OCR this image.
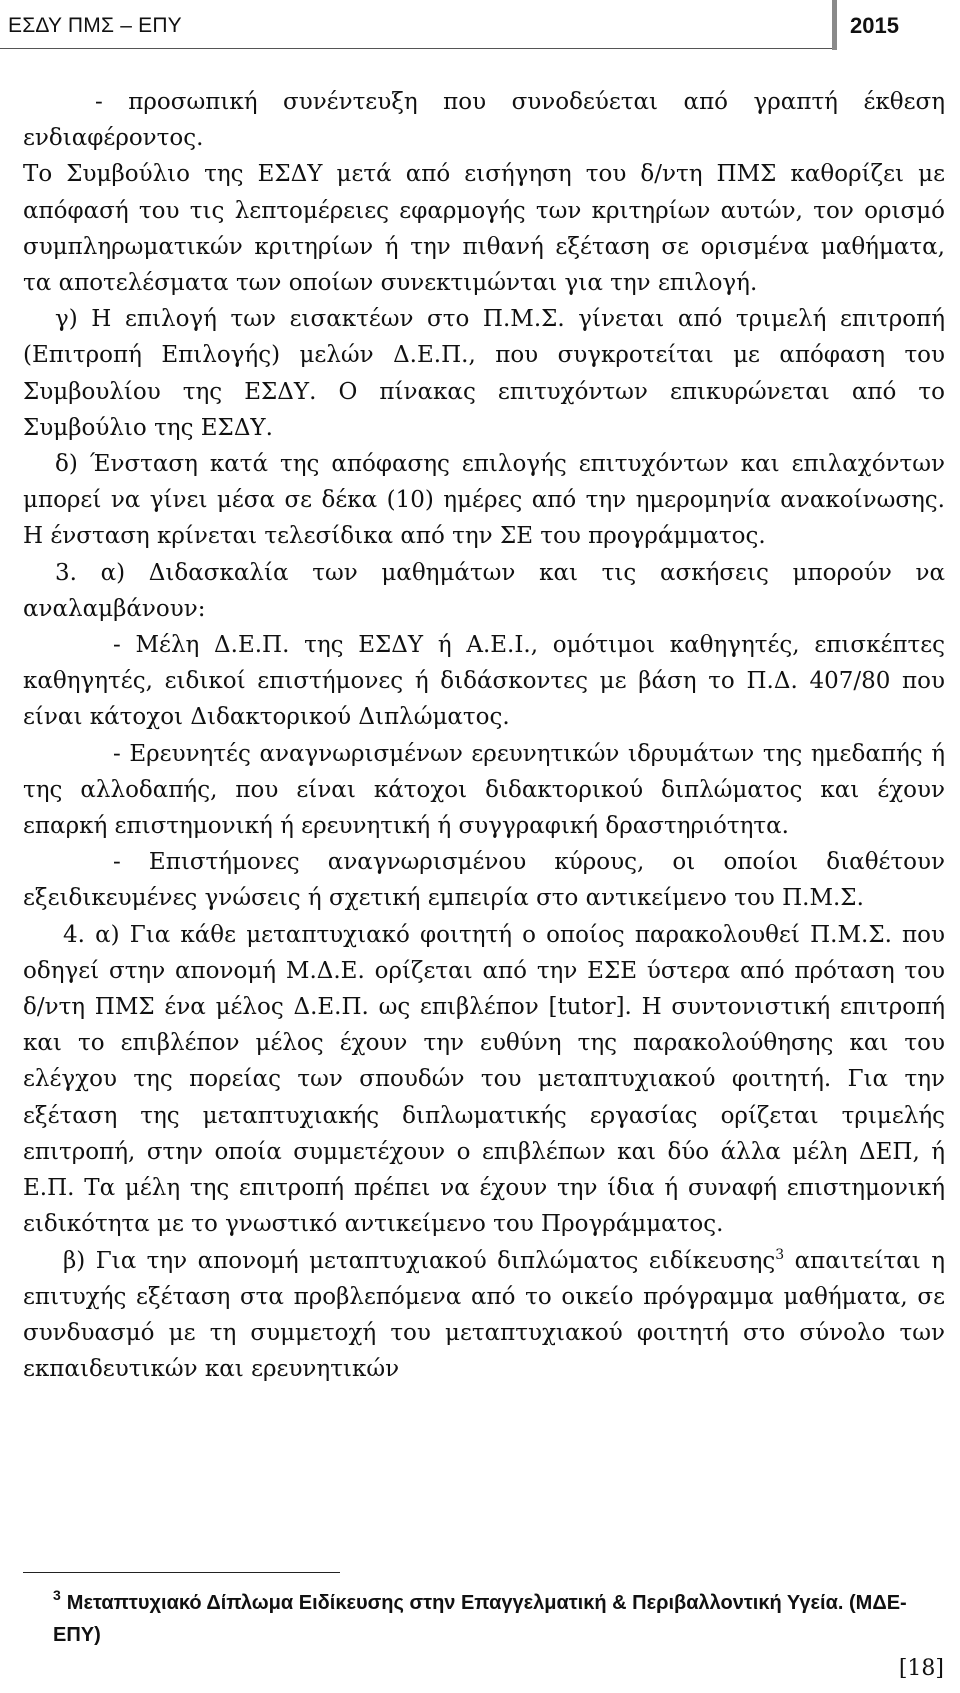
ΕΣΔΥ ΠΜΣ – ΕΠΥ	2015

- προσωπική συνέντευξη που συνοδεύεται από γραπτή έκθεση ενδιαφέροντος.

Το Συμβούλιο της ΕΣΔΥ μετά από εισήγηση του δ/ντη ΠΜΣ καθορίζει με απόφασή του τις λεπτομέρειες εφαρμογής των κριτηρίων αυτών, τον ορισμό συμπληρωματικών κριτηρίων ή την πιθανή εξέταση σε ορισμένα μαθήματα, τα αποτελέσματα των οποίων συνεκτιμώνται για την επιλογή.

γ) Η επιλογή των εισακτέων στο Π.Μ.Σ. γίνεται από τριμελή επιτροπή (Επιτροπή Επιλογής) μελών Δ.Ε.Π., που συγκροτείται με απόφαση του Συμβουλίου της ΕΣΔΥ. Ο πίνακας επιτυχόντων επικυρώνεται από το Συμβούλιο της ΕΣΔΥ.

δ) Ένσταση κατά της απόφασης επιλογής επιτυχόντων και επιλαχόντων μπορεί να γίνει μέσα σε δέκα (10) ημέρες από την ημερομηνία ανακοίνωσης. Η ένσταση κρίνεται τελεσίδικα από την ΣΕ του προγράμματος.

3. α) Διδασκαλία των μαθημάτων και τις ασκήσεις μπορούν να αναλαμβάνουν:

- Μέλη Δ.Ε.Π. της ΕΣΔΥ ή Α.Ε.Ι., ομότιμοι καθηγητές, επισκέπτες καθηγητές, ειδικοί επιστήμονες ή διδάσκοντες με βάση το Π.Δ. 407/80 που είναι κάτοχοι Διδακτορικού Διπλώματος.

- Ερευνητές αναγνωρισμένων ερευνητικών ιδρυμάτων της ημεδαπής ή της αλλοδαπής, που είναι κάτοχοι διδακτορικού διπλώματος και έχουν επαρκή επιστημονική ή ερευνητική ή συγγραφική δραστηριότητα.

- Επιστήμονες αναγνωρισμένου κύρους, οι οποίοι διαθέτουν εξειδικευμένες γνώσεις ή σχετική εμπειρία στο αντικείμενο του Π.Μ.Σ.

4. α) Για κάθε μεταπτυχιακό φοιτητή ο οποίος παρακολουθεί Π.Μ.Σ. που οδηγεί στην απονομή Μ.Δ.Ε. ορίζεται από την ΕΣΕ ύστερα από πρόταση του δ/ντη ΠΜΣ ένα μέλος Δ.Ε.Π. ως επιβλέπον [tutor]. Η συντονιστική επιτροπή και το επιβλέπον μέλος έχουν την ευθύνη της παρακολούθησης και του ελέγχου της πορείας των σπουδών του μεταπτυχιακού φοιτητή. Για την εξέταση της μεταπτυχιακής διπλωματικής εργασίας ορίζεται τριμελής επιτροπή, στην οποία συμμετέχουν ο επιβλέπων και δύο άλλα μέλη ΔΕΠ, ή Ε.Π. Τα μέλη της επιτροπή πρέπει να έχουν την ίδια ή συναφή επιστημονική ειδικότητα με το γνωστικό αντικείμενο του Προγράμματος.

β) Για την απονομή μεταπτυχιακού διπλώματος ειδίκευσης$^3$ απαιτείται η επιτυχής εξέταση στα προβλεπόμενα από το οικείο πρόγραμμα μαθήματα, σε συνδυασμό με τη συμμετοχή του μεταπτυχιακού φοιτητή στο σύνολο των εκπαιδευτικών και ερευνητικών

$^3$ Μεταπτυχιακό Δίπλωμα Ειδίκευσης στην Επαγγελματική & Περιβαλλοντική Υγεία. (ΜΔΕ-ΕΠΥ)
[18]
